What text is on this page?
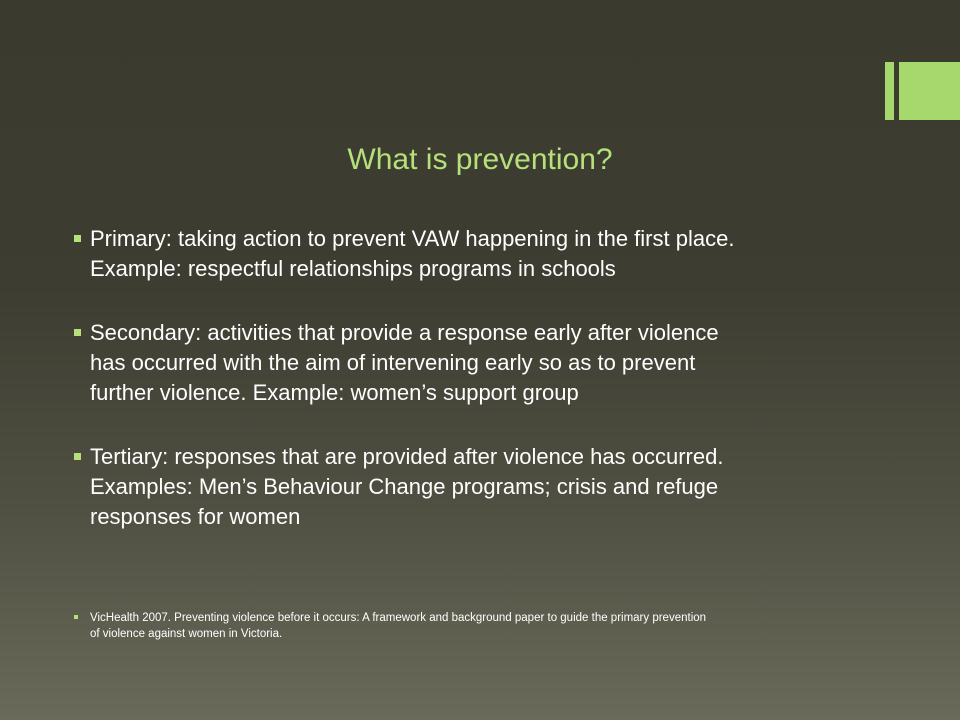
What is prevention?
Primary: taking action to prevent VAW happening in the first place.
Example: respectful relationships programs in schools
Secondary: activities that provide a response early after violence
has occurred with the aim of intervening early so as to prevent
further violence. Example: women’s support group
Tertiary: responses that are provided after violence has occurred.
Examples: Men’s Behaviour Change programs; crisis and refuge
responses for women
VicHealth 2007. Preventing violence before it occurs: A framework and background paper to guide the primary prevention
of violence against women in Victoria.
